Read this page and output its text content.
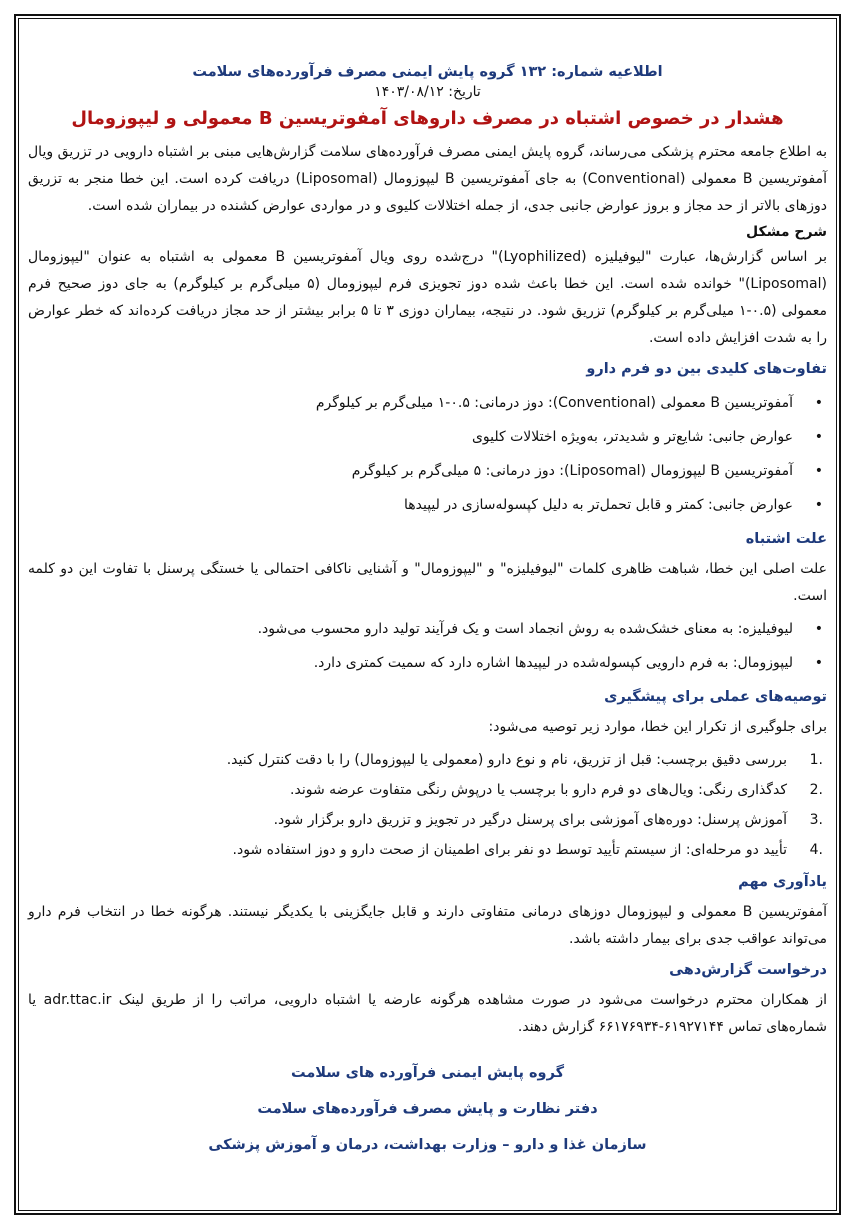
اطلاعیه شماره: ۱۳۲ گروه پایش ایمنی مصرف فرآورده‌های سلامت
تاریخ: ۱۴۰۳/۰۸/۱۲
هشدار در خصوص اشتباه در مصرف داروهای آمفوتریسین B معمولی و لیپوزومال

به اطلاع جامعه محترم پزشکی می‌رساند، گروه پایش ایمنی مصرف فرآورده‌های سلامت گزارش‌هایی مبنی بر اشتباه دارویی در تزریق ویال آمفوتریسین B معمولی (Conventional) به جای آمفوتریسین B لیپوزومال (Liposomal) دریافت کرده است. این خطا منجر به تزریق دوزهای بالاتر از حد مجاز و بروز عوارض جانبی جدی، از جمله اختلالات کلیوی و در مواردی عوارض کشنده در بیماران شده است.

شرح مشکل

بر اساس گزارش‌ها، عبارت "لیوفیلیزه (Lyophilized)" درج‌شده روی ویال آمفوتریسین B معمولی به اشتباه به عنوان "لیپوزومال (Liposomal)" خوانده شده است. این خطا باعث شده دوز تجویزی فرم لیپوزومال (۵ میلی‌گرم بر کیلوگرم) به جای دوز صحیح فرم معمولی (۰.۵-۱ میلی‌گرم بر کیلوگرم) تزریق شود. در نتیجه، بیماران دوزی ۳ تا ۵ برابر بیشتر از حد مجاز دریافت کرده‌اند که خطر عوارض را به شدت افزایش داده است.

تفاوت‌های کلیدی بین دو فرم دارو
•
آمفوتریسین B معمولی (Conventional): دوز درمانی: ۰.۵-۱ میلی‌گرم بر کیلوگرم
•
عوارض جانبی: شایع‌تر و شدیدتر، به‌ویژه اختلالات کلیوی
•
آمفوتریسین B لیپوزومال (Liposomal): دوز درمانی: ۵ میلی‌گرم بر کیلوگرم
•
عوارض جانبی: کمتر و قابل تحمل‌تر به دلیل کپسوله‌سازی در لیپیدها
علت اشتباه

علت اصلی این خطا، شباهت ظاهری کلمات "لیوفیلیزه" و "لیپوزومال" و آشنایی ناکافی احتمالی یا خستگی پرسنل با تفاوت این دو کلمه است.

•
لیوفیلیزه: به معنای خشک‌شده به روش انجماد است و یک فرآیند تولید دارو محسوب می‌شود.
•
لیپوزومال: به فرم دارویی کپسوله‌شده در لیپیدها اشاره دارد که سمیت کمتری دارد.
توصیه‌های عملی برای پیشگیری

برای جلوگیری از تکرار این خطا، موارد زیر توصیه می‌شود:

.1
بررسی دقیق برچسب: قبل از تزریق، نام و نوع دارو (معمولی یا لیپوزومال) را با دقت کنترل کنید.
.2
کدگذاری رنگی: ویال‌های دو فرم دارو با برچسب یا درپوش رنگی متفاوت عرضه شوند.
.3
آموزش پرسنل: دوره‌های آموزشی برای پرسنل درگیر در تجویز و تزریق دارو برگزار شود.
.4
تأیید دو مرحله‌ای: از سیستم تأیید توسط دو نفر برای اطمینان از صحت دارو و دوز استفاده شود.
یادآوری مهم

آمفوتریسین B معمولی و لیپوزومال دوزهای درمانی متفاوتی دارند و قابل جایگزینی با یکدیگر نیستند. هرگونه خطا در انتخاب فرم دارو می‌تواند عواقب جدی برای بیمار داشته باشد.

درخواست گزارش‌دهی

از همکاران محترم درخواست می‌شود در صورت مشاهده هرگونه عارضه یا اشتباه دارویی، مراتب را از طریق لینک adr.ttac.ir یا شماره‌های تماس ۶۱۹۲۷۱۴۴-۶۶۱۷۶۹۳۴ گزارش دهند.

گروه پایش ایمنی فرآورده های سلامت
دفتر نظارت و پایش مصرف فرآورده‌های سلامت
سازمان غذا و دارو – وزارت بهداشت، درمان و آموزش پزشکی
